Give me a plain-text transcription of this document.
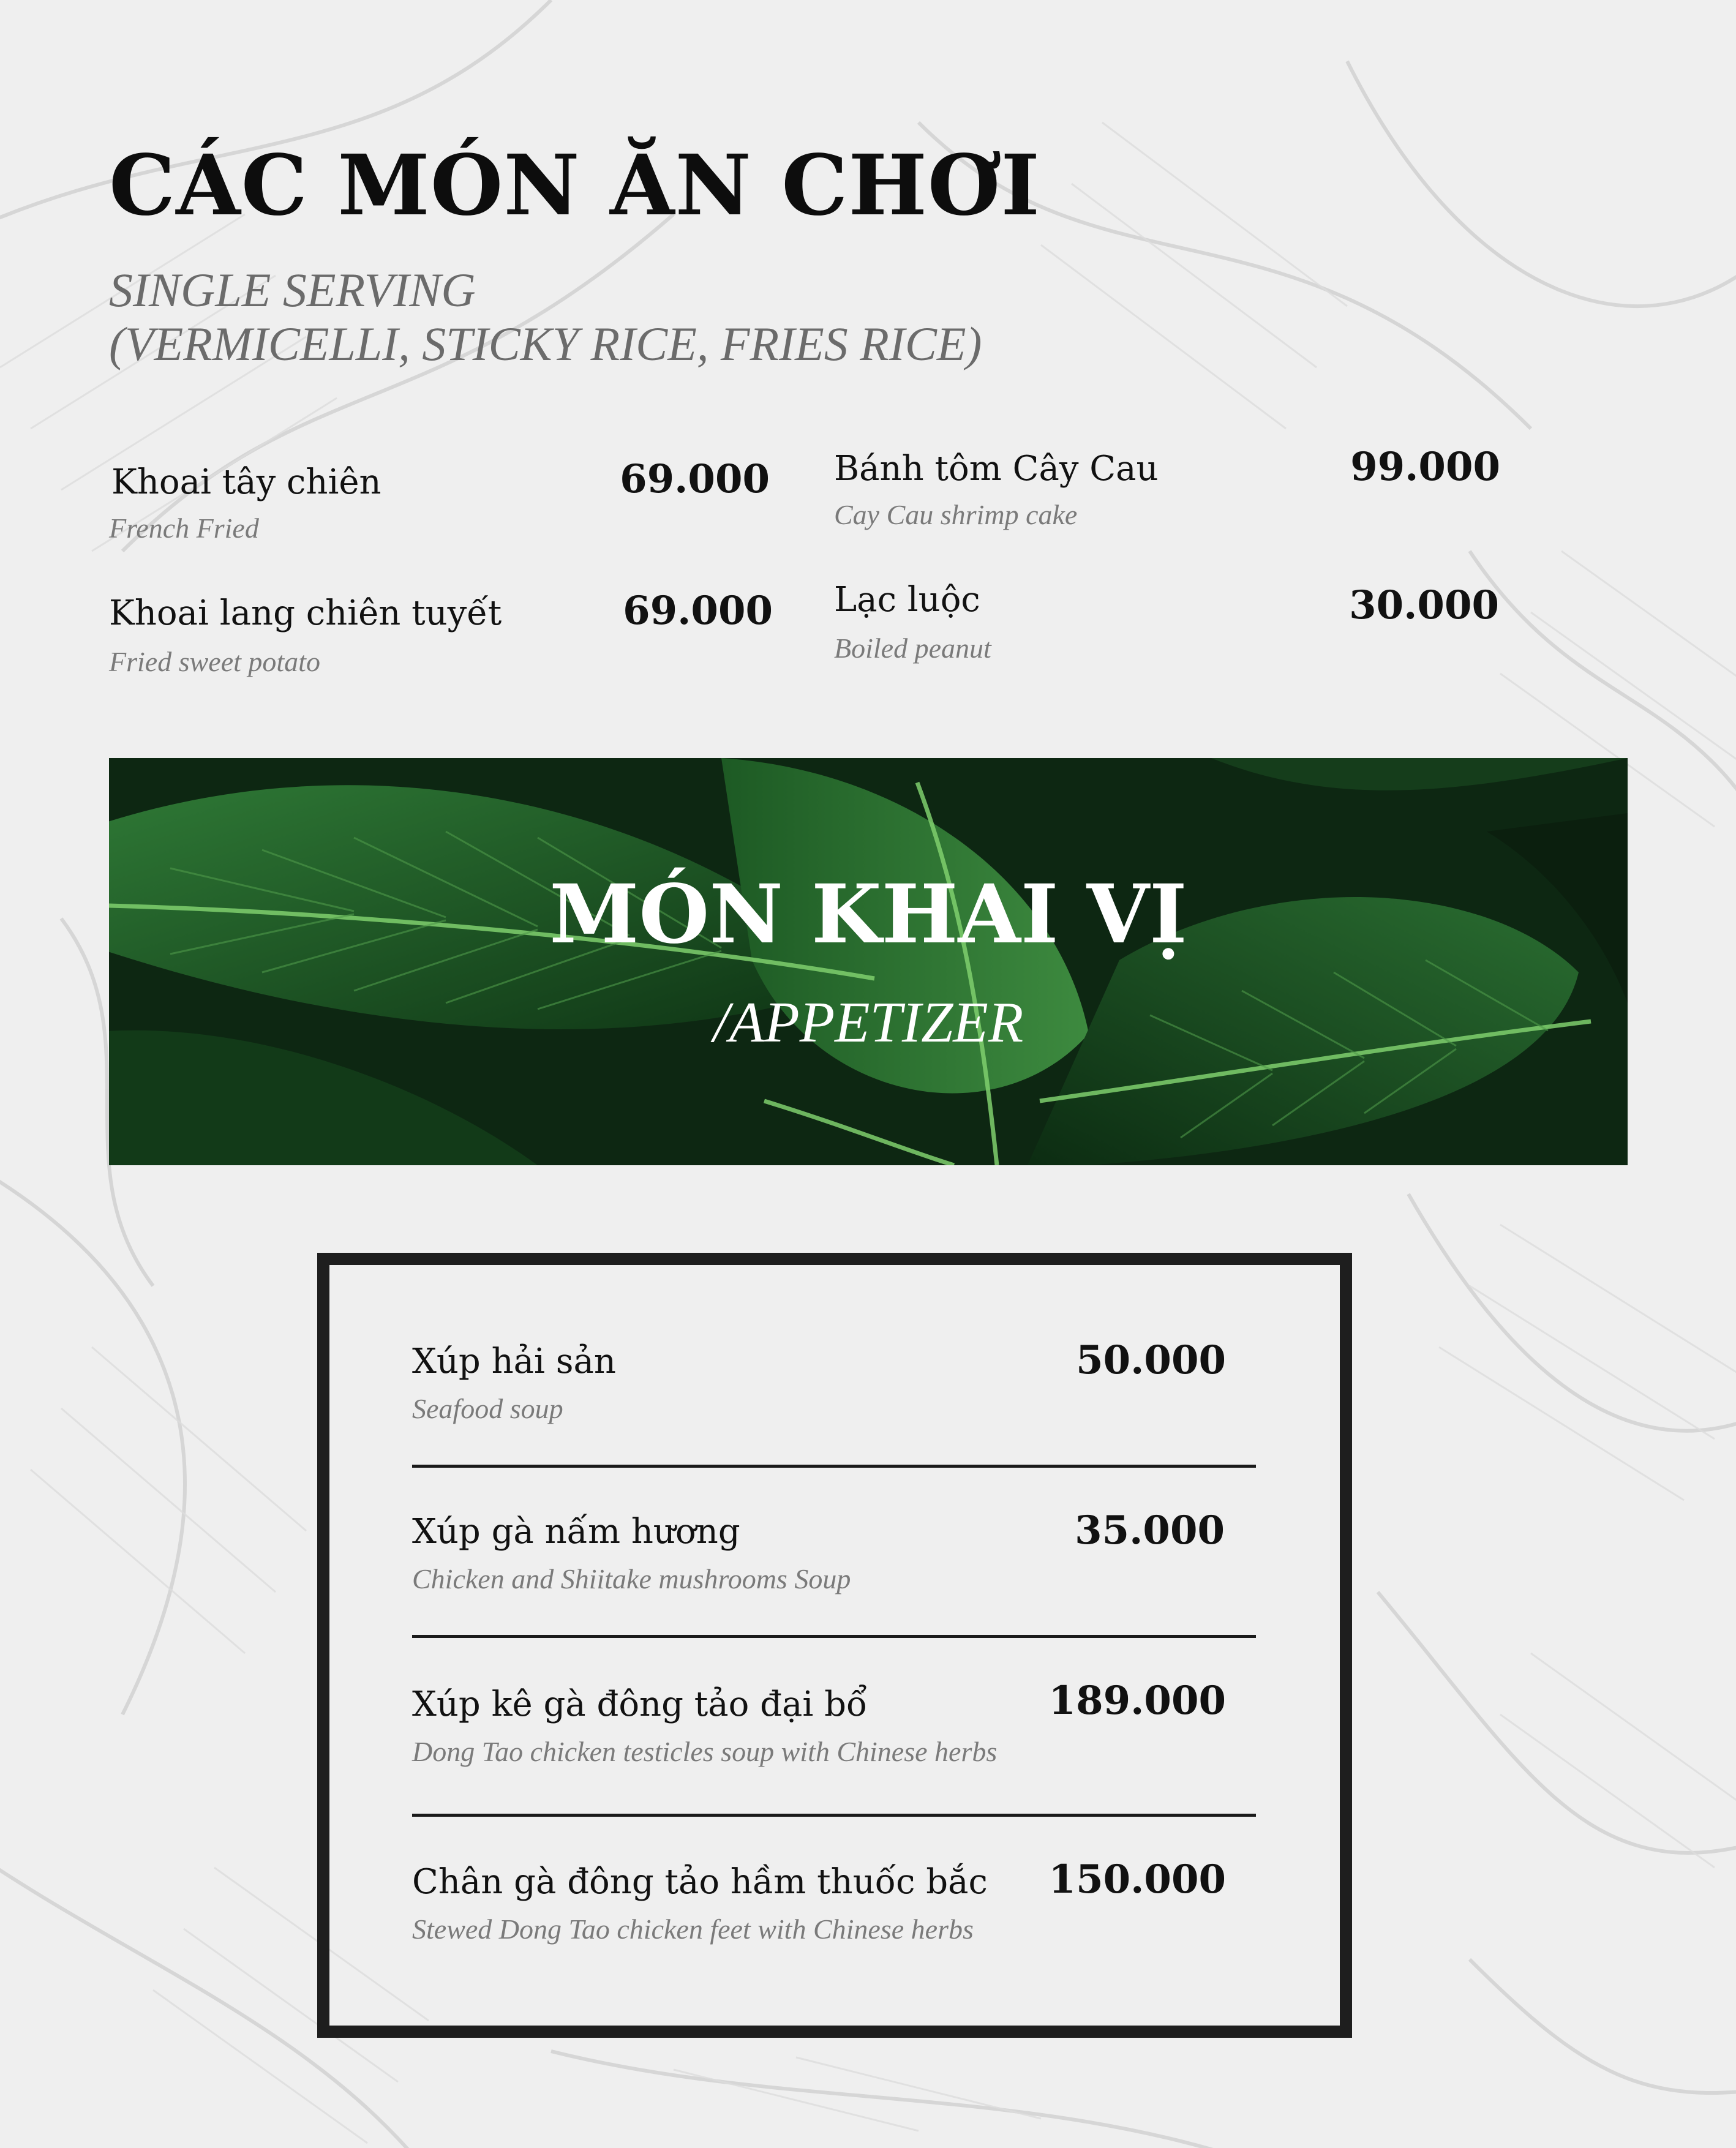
CÁC MÓN ĂN CHƠI
SINGLE SERVING
(VERMICELLI, STICKY RICE, FRIES RICE)
Khoai tây chiên
French Fried
69.000
Khoai lang chiên tuyết
Fried sweet potato
69.000
Bánh tôm Cây Cau
Cay Cau shrimp cake
99.000
Lạc luộc
Boiled peanut
30.000
MÓN KHAI VỊ
/APPETIZER
Xúp hải sản
Seafood soup
50.000
Xúp gà nấm hương
Chicken and Shiitake mushrooms Soup
35.000
Xúp kê gà đông tảo đại bổ
Dong Tao chicken testicles soup with Chinese herbs
189.000
Chân gà đông tảo hầm thuốc bắc
Stewed Dong Tao chicken feet with Chinese herbs
150.000
